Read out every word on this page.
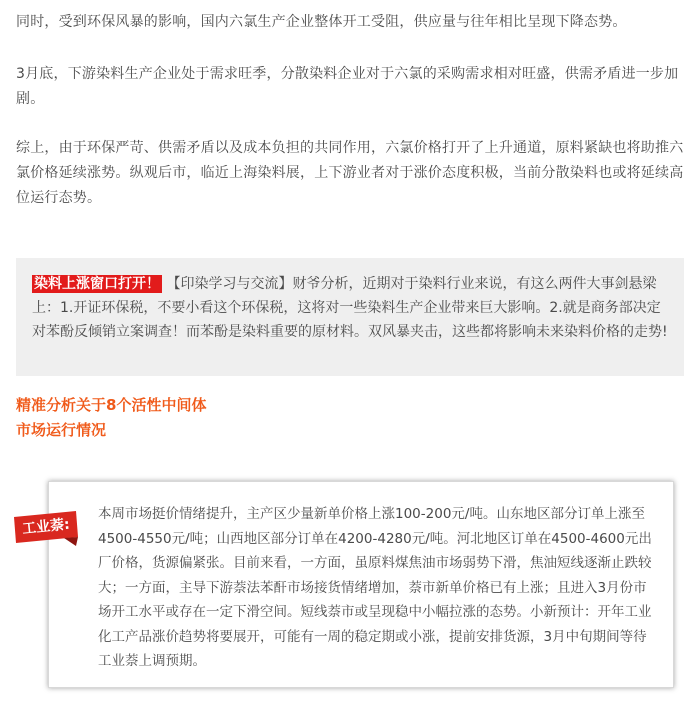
同时，受到环保风暴的影响，国内六氯生产企业整体开工受阻，供应量与往年相比呈现下降态势。

3月底，下游染料生产企业处于需求旺季，分散染料企业对于六氯的采购需求相对旺盛，供需矛盾进一步加剧。

综上，由于环保严苛、供需矛盾以及成本负担的共同作用，六氯价格打开了上升通道，原料紧缺也将助推六氯价格延续涨势。纵观后市，临近上海染料展，上下游业者对于涨价态度积极，当前分散染料也或将延续高位运行态势。

染料上涨窗口打开！ 【印染学习与交流】财爷分析，近期对于染料行业来说，有这么两件大事剑悬梁上：1.开证环保税，不要小看这个环保税，这将对一些染料生产企业带来巨大影响。2.就是商务部决定对苯酚反倾销立案调查！而苯酚是染料重要的原材料。双风暴夹击，这些都将影响未来染料价格的走势!
精准分析关于8个活性中间体
市场运行情况

本周市场挺价情绪提升，主产区少量新单价格上涨100-200元/吨。山东地区部分订单上涨至4500-4550元/吨；山西地区部分订单在4200-4280元/吨。河北地区订单在4500-4600元出厂价格，货源偏紧张。目前来看，一方面，虽原料煤焦油市场弱势下滑，焦油短线逐渐止跌较大；一方面，主导下游萘法苯酐市场接货情绪增加，萘市新单价格已有上涨；且进入3月份市场开工水平或存在一定下滑空间。短线萘市或呈现稳中小幅拉涨的态势。小新预计：开年工业化工产品涨价趋势将要展开，可能有一周的稳定期或小涨，提前安排货源，3月中旬期间等待工业萘上调预期。

工业萘:
